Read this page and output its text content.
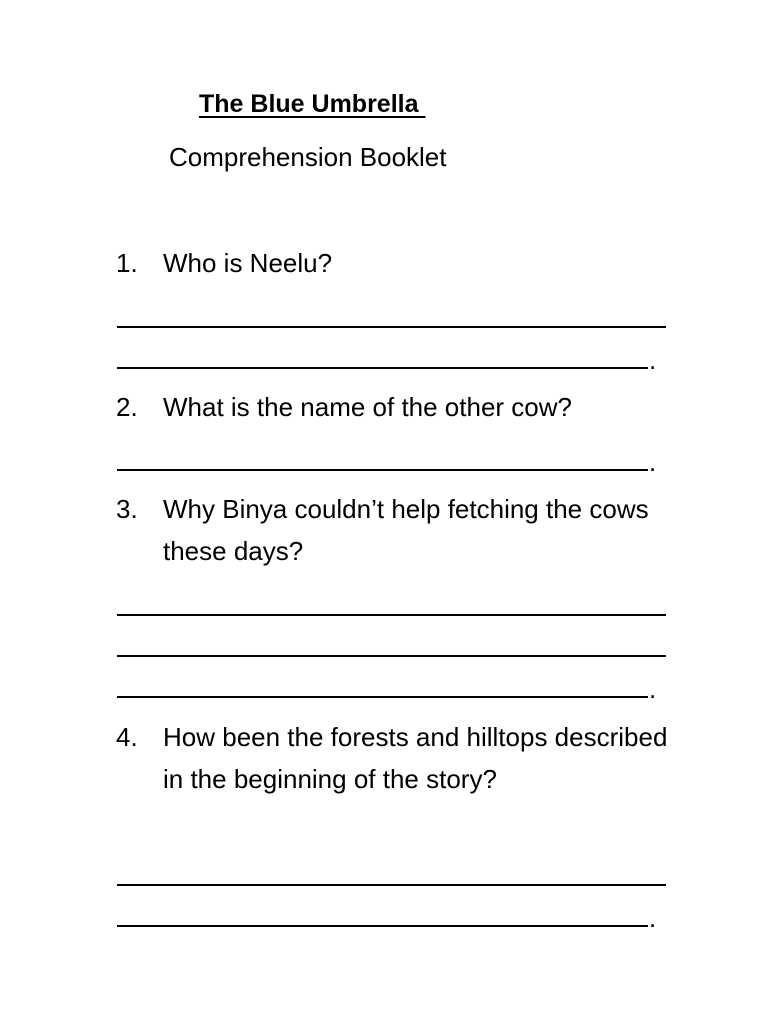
The Blue Umbrella
Comprehension Booklet
1. Who is Neelu?
.
2. What is the name of the other cow?
.
3. Why Binya couldn’t help fetching the cows these days?
.
4. How been the forests and hilltops described in the beginning of the story?
.
